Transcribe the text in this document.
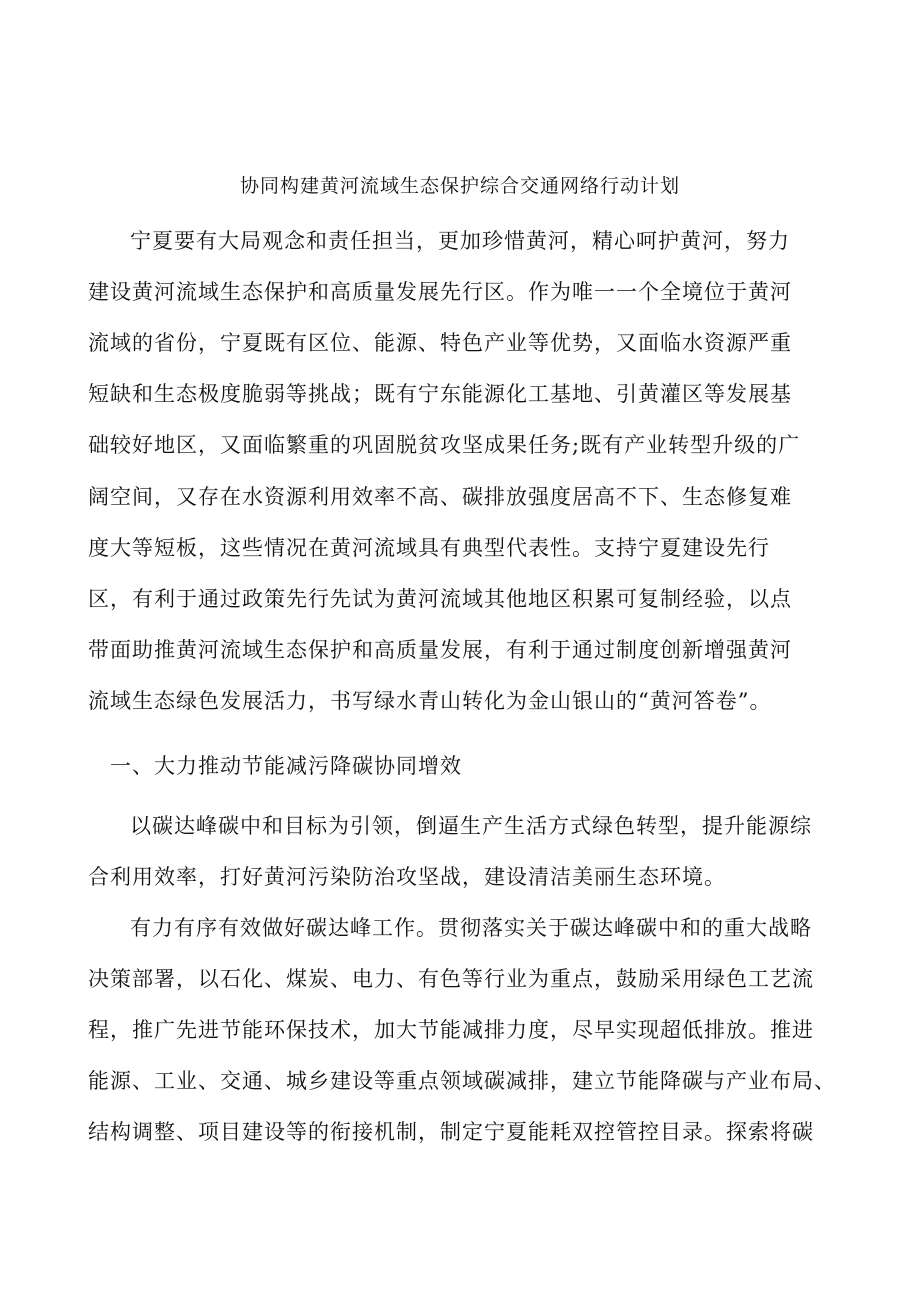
协同构建黄河流域生态保护综合交通网络行动计划
宁夏要有大局观念和责任担当，更加珍惜黄河，精心呵护黄河，努力
建设黄河流域生态保护和高质量发展先行区。作为唯一一个全境位于黄河
流域的省份，宁夏既有区位、能源、特色产业等优势，又面临水资源严重
短缺和生态极度脆弱等挑战；既有宁东能源化工基地、引黄灌区等发展基
础较好地区，又面临繁重的巩固脱贫攻坚成果任务;既有产业转型升级的广
阔空间，又存在水资源利用效率不高、碳排放强度居高不下、生态修复难
度大等短板，这些情况在黄河流域具有典型代表性。支持宁夏建设先行
区，有利于通过政策先行先试为黄河流域其他地区积累可复制经验，以点
带面助推黄河流域生态保护和高质量发展，有利于通过制度创新增强黄河
流域生态绿色发展活力，书写绿水青山转化为金山银山的“黄河答卷”。
一、大力推动节能减污降碳协同增效
以碳达峰碳中和目标为引领，倒逼生产生活方式绿色转型，提升能源综
合利用效率，打好黄河污染防治攻坚战，建设清洁美丽生态环境。
有力有序有效做好碳达峰工作。贯彻落实关于碳达峰碳中和的重大战略
决策部署，以石化、煤炭、电力、有色等行业为重点，鼓励采用绿色工艺流
程，推广先进节能环保技术，加大节能减排力度，尽早实现超低排放。推进
能源、工业、交通、城乡建设等重点领域碳减排，建立节能降碳与产业布局、
结构调整、项目建设等的衔接机制，制定宁夏能耗双控管控目录。探索将碳
